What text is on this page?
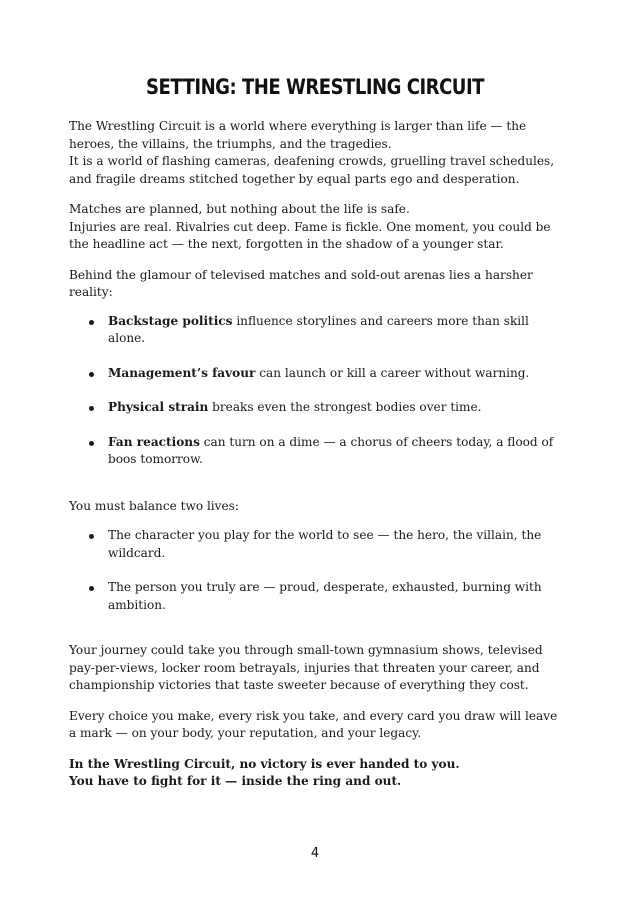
SETTING: THE WRESTLING CIRCUIT

The Wrestling Circuit is a world where everything is larger than life — the heroes, the villains, the triumphs, and the tragedies.
It is a world of flashing cameras, deafening crowds, gruelling travel schedules, and fragile dreams stitched together by equal parts ego and desperation.

Matches are planned, but nothing about the life is safe.
Injuries are real. Rivalries cut deep. Fame is fickle. One moment, you could be the headline act — the next, forgotten in the shadow of a younger star.

Behind the glamour of televised matches and sold-out arenas lies a harsher reality:

Backstage politics influence storylines and careers more than skill alone.
Management’s favour can launch or kill a career without warning.
Physical strain breaks even the strongest bodies over time.
Fan reactions can turn on a dime — a chorus of cheers today, a flood of boos tomorrow.

You must balance two lives:

The character you play for the world to see — the hero, the villain, the wildcard.
The person you truly are — proud, desperate, exhausted, burning with ambition.

Your journey could take you through small-town gymnasium shows, televised pay-per-views, locker room betrayals, injuries that threaten your career, and championship victories that taste sweeter because of everything they cost.

Every choice you make, every risk you take, and every card you draw will leave a mark — on your body, your reputation, and your legacy.

In the Wrestling Circuit, no victory is ever handed to you.
You have to fight for it — inside the ring and out.

4
